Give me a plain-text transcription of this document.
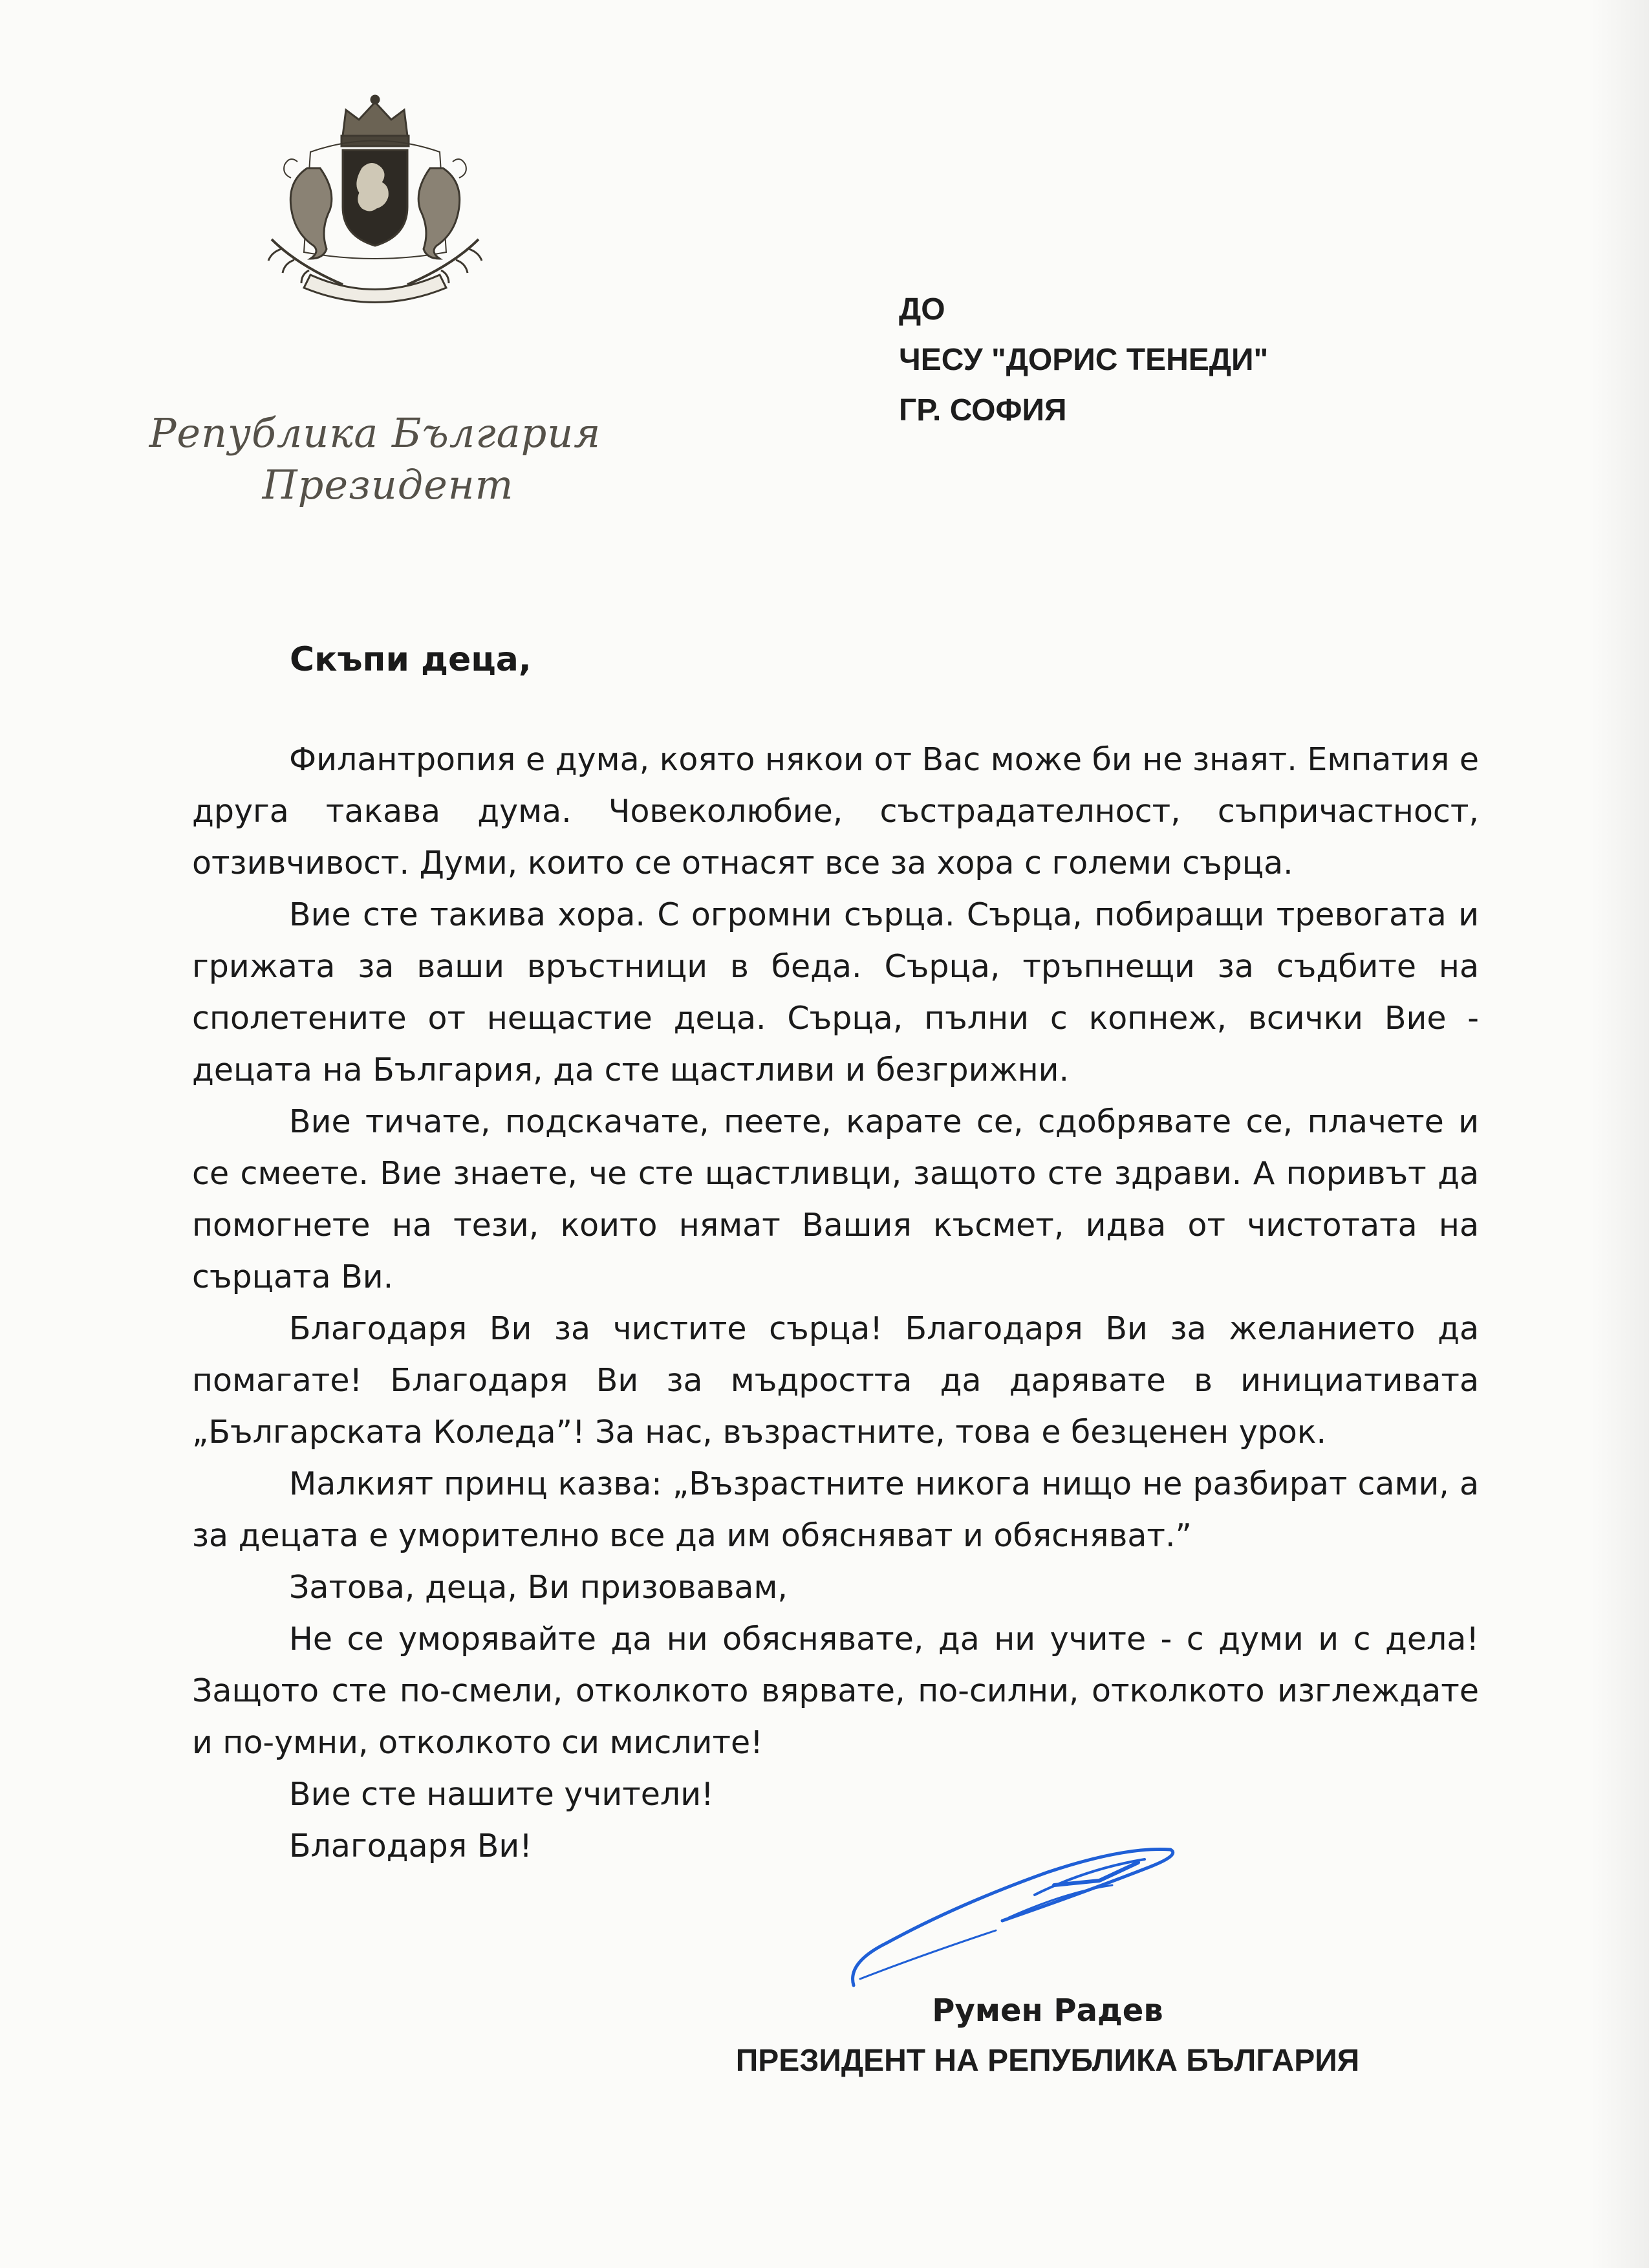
Република България
Президент
ДО
ЧЕСУ "ДОРИС ТЕНЕДИ"
ГР. СОФИЯ
Скъпи деца,

Филантропия е дума, която някои от Вас може би не знаят. Емпатия е друга такава дума. Човеколюбие, състрадателност, съпричастност, отзивчивост. Думи, които се отнасят все за хора с големи сърца.

Вие сте такива хора. С огромни сърца. Сърца, побиращи тревогата и грижата за ваши връстници в беда. Сърца, тръпнещи за съдбите на сполетените от нещастие деца. Сърца, пълни с копнеж, всички Вие - децата на България, да сте щастливи и безгрижни.

Вие тичате, подскачате, пеете, карате се, сдобрявате се, плачете и се смеете. Вие знаете, че сте щастливци, защото сте здрави. А поривът да помогнете на тези, които нямат Вашия късмет, идва от чистотата на сърцата Ви.

Благодаря Ви за чистите сърца! Благодаря Ви за желанието да помагате! Благодаря Ви за мъдростта да дарявате в инициативата „Българската Коледа”! За нас, възрастните, това е безценен урок.

Малкият принц казва: „Възрастните никога нищо не разбират сами, а за децата е уморително все да им обясняват и обясняват.”

Затова, деца, Ви призовавам,

Не се уморявайте да ни обяснявате, да ни учите - с думи и с дела! Защото сте по-смели, отколкото вярвате, по-силни, отколкото изглеждате и по-умни, отколкото си мислите!

Вие сте нашите учители!

Благодаря Ви!

Румен Радев
ПРЕЗИДЕНТ НА РЕПУБЛИКА БЪЛГАРИЯ
